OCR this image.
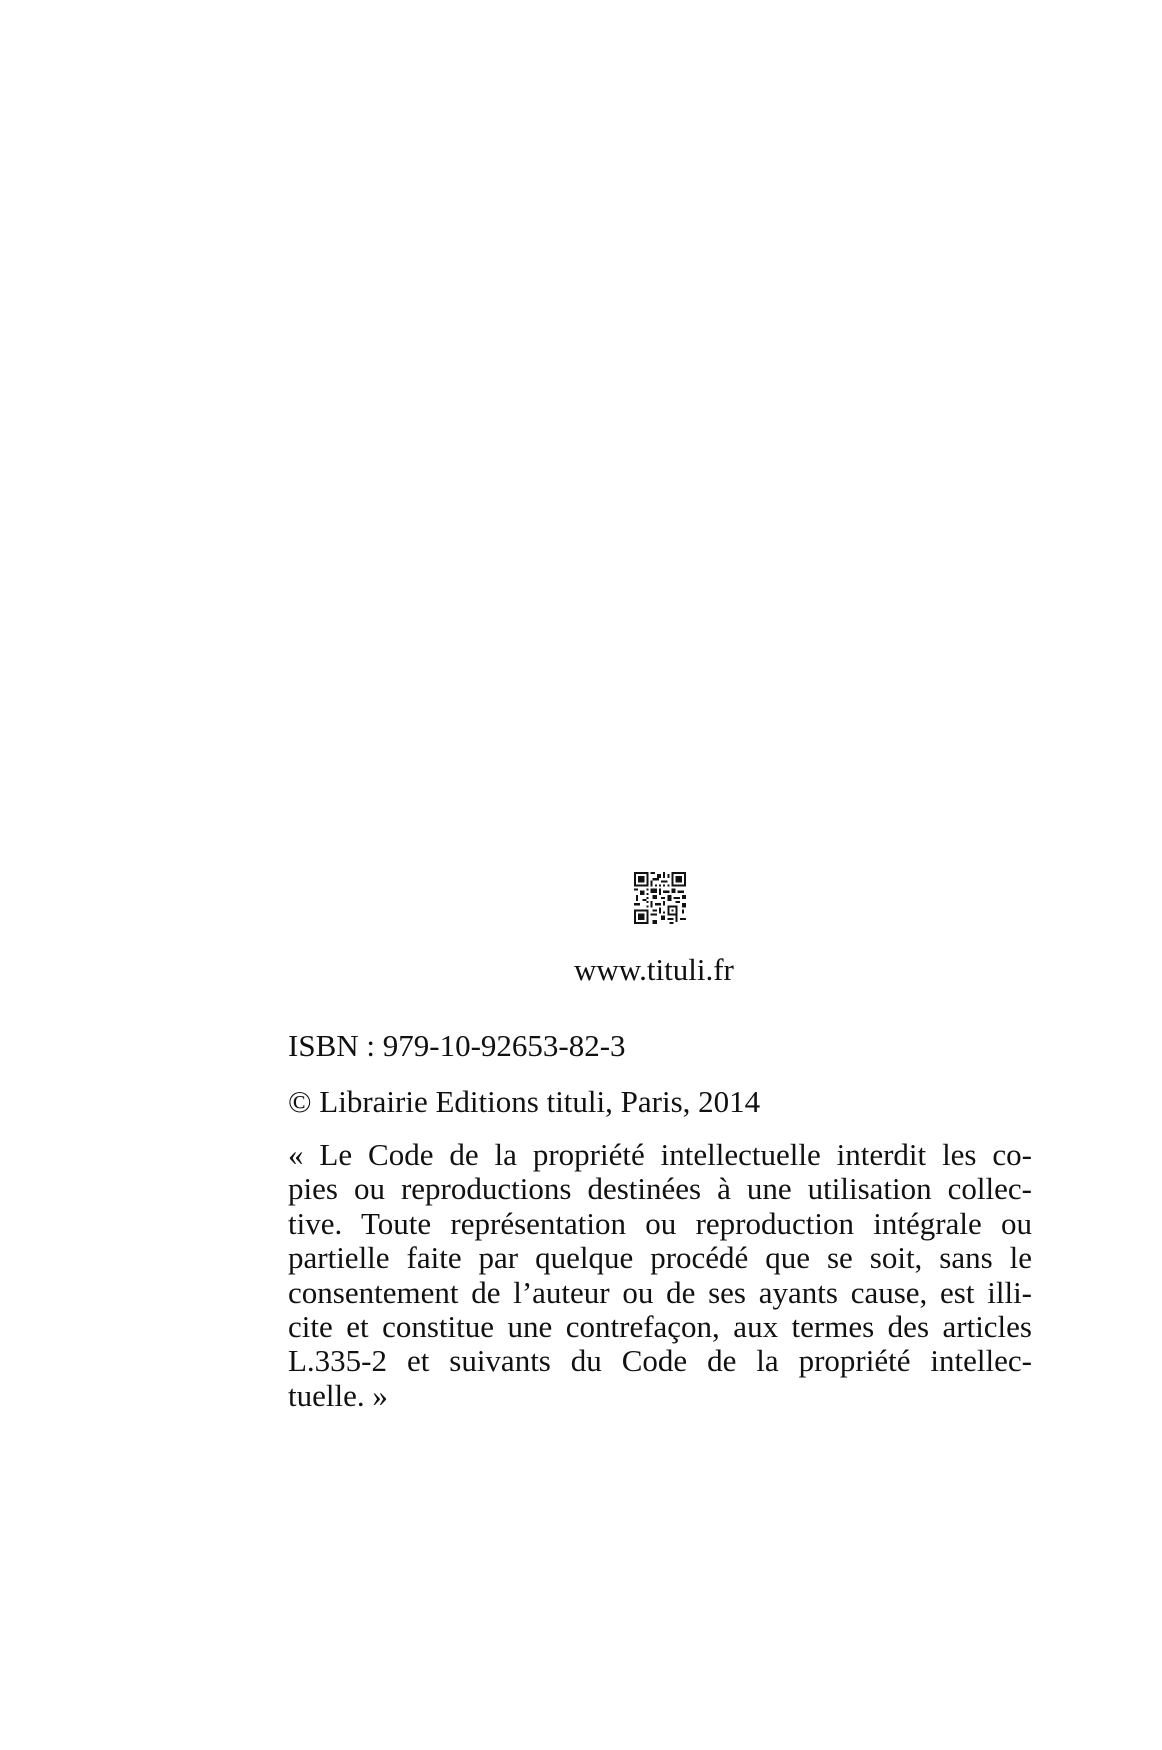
www.tituli.fr
ISBN : 979-10-92653-82-3
© Librairie Editions tituli, Paris, 2014
« Le Code de la propriété intellectuelle interdit les co-
pies ou reproductions destinées à une utilisation collec-
tive. Toute représentation ou reproduction intégrale ou
partielle faite par quelque procédé que se soit, sans le
consentement de l’auteur ou de ses ayants cause, est illi-
cite et constitue une contrefaçon, aux termes des articles
L.335-2 et suivants du Code de la propriété intellec-
tuelle. »
